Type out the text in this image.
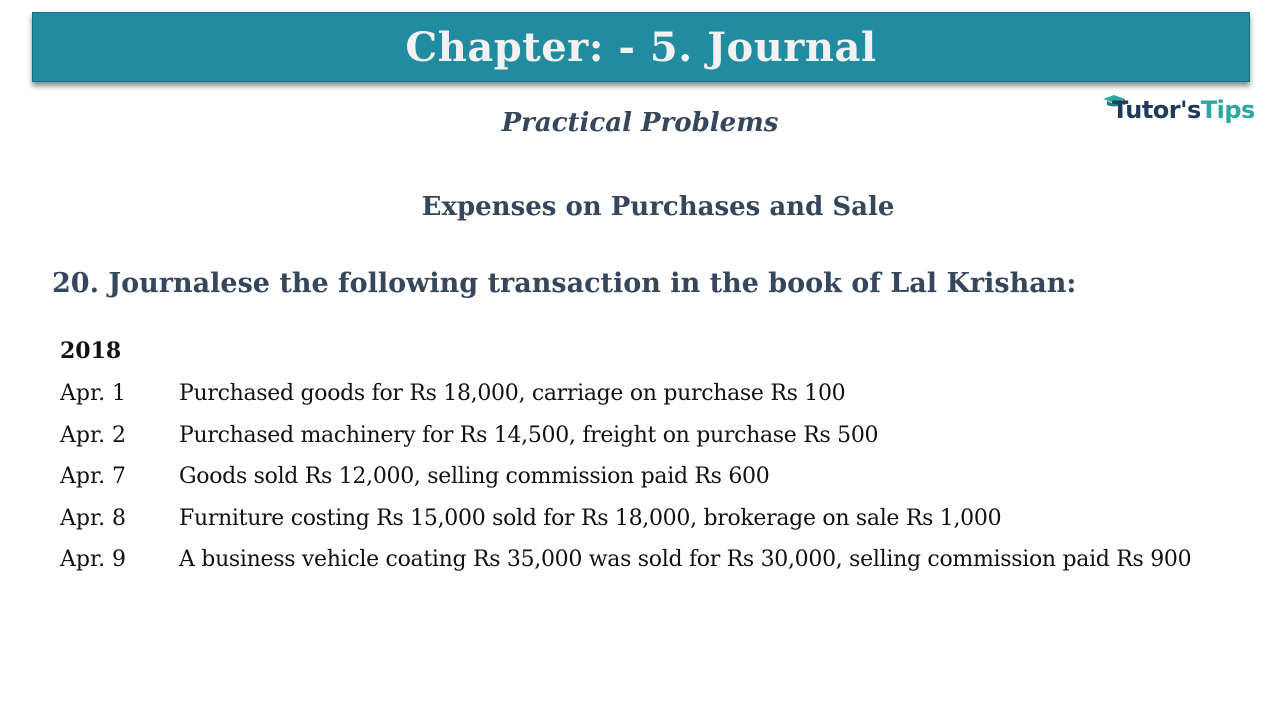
Chapter: - 5. Journal
Tutor'sTips
Practical Problems
Expenses on Purchases and Sale
20. Journalese the following transaction in the book of Lal Krishan:
2018
Apr. 1	Purchased goods for Rs 18,000, carriage on purchase Rs 100
Apr. 2	Purchased machinery for Rs 14,500, freight on purchase Rs 500
Apr. 7	Goods sold Rs 12,000, selling commission paid Rs 600
Apr. 8	Furniture costing Rs 15,000 sold for Rs 18,000, brokerage on sale Rs 1,000
Apr. 9	A business vehicle coating Rs 35,000 was sold for Rs 30,000, selling commission paid Rs 900
